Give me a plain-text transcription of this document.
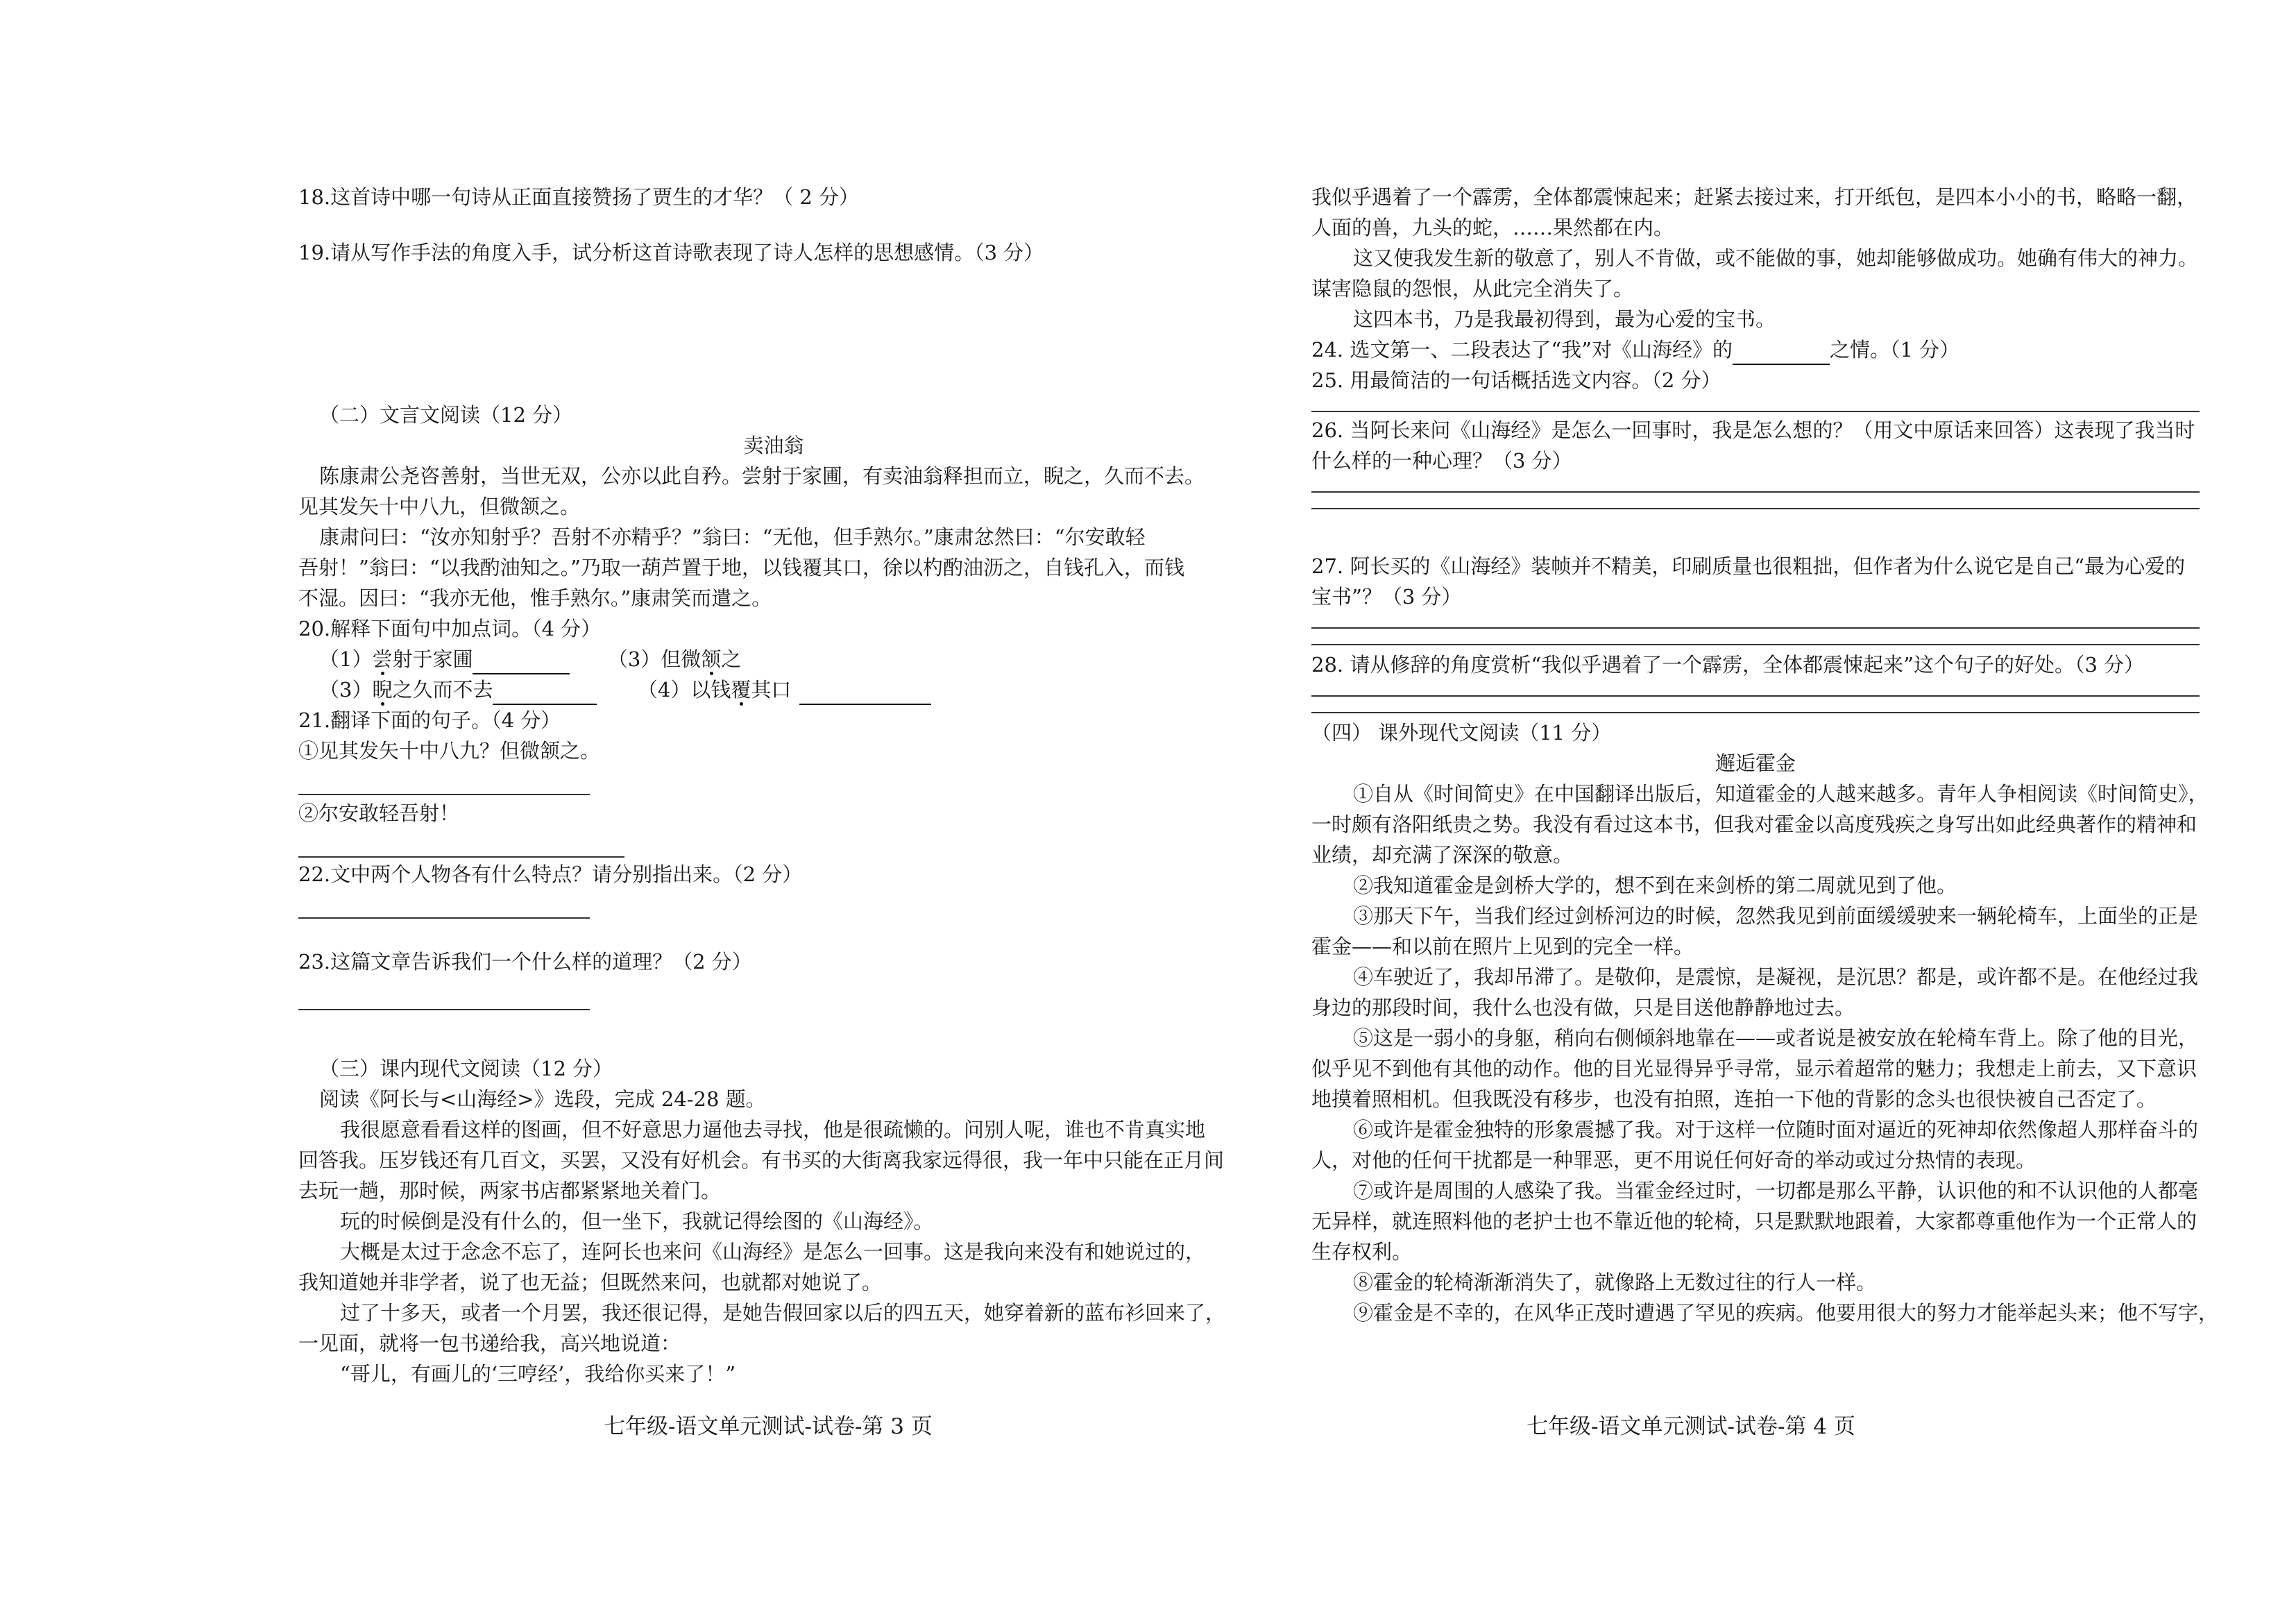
18.这首诗中哪一句诗从正面直接赞扬了贾生的才华？（ 2 分）
19.请从写作手法的角度入手，试分析这首诗歌表现了诗人怎样的思想感情。（3 分）
（二）文言文阅读（12 分）
卖油翁
陈康肃公尧咨善射，当世无双，公亦以此自矜。尝射于家圃，有卖油翁释担而立，睨之，久而不去。
见其发矢十中八九，但微颔之。
康肃问曰：“汝亦知射乎？吾射不亦精乎？”翁曰：“无他，但手熟尔。”康肃忿然曰：“尔安敢轻
吾射！”翁曰：“以我酌油知之。”乃取一葫芦置于地，以钱覆其口，徐以杓酌油沥之，自钱孔入，而钱
不湿。因曰：“我亦无他，惟手熟尔。”康肃笑而遣之。
20.解释下面句中加点词。（4 分）
（1）尝射于家圃	（3）但微颔之
（3）睨之久而不去	（4）以钱覆其口
21.翻译下面的句子。（4 分）
①见其发矢十中八九？但微颔之。
②尔安敢轻吾射！
22.文中两个人物各有什么特点？请分别指出来。（2 分）
23.这篇文章告诉我们一个什么样的道理？（2 分）
（三）课内现代文阅读（12 分）
阅读《阿长与<山海经>》选段，完成 24-28 题。
我很愿意看看这样的图画，但不好意思力逼他去寻找，他是很疏懒的。问别人呢，谁也不肯真实地
回答我。压岁钱还有几百文，买罢，又没有好机会。有书买的大街离我家远得很，我一年中只能在正月间
去玩一趟，那时候，两家书店都紧紧地关着门。
玩的时候倒是没有什么的，但一坐下，我就记得绘图的《山海经》。
大概是太过于念念不忘了，连阿长也来问《山海经》是怎么一回事。这是我向来没有和她说过的，
我知道她并非学者，说了也无益；但既然来问，也就都对她说了。
过了十多天，或者一个月罢，我还很记得，是她告假回家以后的四五天，她穿着新的蓝布衫回来了，
一见面，就将一包书递给我，高兴地说道：
“哥儿，有画儿的‘三哼经’，我给你买来了！”
我似乎遇着了一个霹雳，全体都震悚起来；赶紧去接过来，打开纸包，是四本小小的书，略略一翻，
人面的兽，九头的蛇，……果然都在内。
这又使我发生新的敬意了，别人不肯做，或不能做的事，她却能够做成功。她确有伟大的神力。
谋害隐鼠的怨恨，从此完全消失了。
这四本书，乃是我最初得到，最为心爱的宝书。
24. 选文第一、二段表达了“我”对《山海经》的	之情。（1 分）
25. 用最简洁的一句话概括选文内容。（2 分）
26. 当阿长来问《山海经》是怎么一回事时，我是怎么想的？（用文中原话来回答）这表现了我当时
什么样的一种心理？（3 分）
27. 阿长买的《山海经》装帧并不精美，印刷质量也很粗拙，但作者为什么说它是自己“最为心爱的
宝书”？（3 分）
28. 请从修辞的角度赏析“我似乎遇着了一个霹雳，全体都震悚起来”这个句子的好处。（3 分）
（四） 课外现代文阅读（11 分）
邂逅霍金
①自从《时间简史》在中国翻译出版后，知道霍金的人越来越多。青年人争相阅读《时间简史》，
一时颇有洛阳纸贵之势。我没有看过这本书，但我对霍金以高度残疾之身写出如此经典著作的精神和
业绩，却充满了深深的敬意。
②我知道霍金是剑桥大学的，想不到在来剑桥的第二周就见到了他。
③那天下午，当我们经过剑桥河边的时候，忽然我见到前面缓缓驶来一辆轮椅车，上面坐的正是
霍金——和以前在照片上见到的完全一样。
④车驶近了，我却吊滞了。是敬仰，是震惊，是凝视，是沉思？都是，或许都不是。在他经过我
身边的那段时间，我什么也没有做，只是目送他静静地过去。
⑤这是一弱小的身躯，稍向右侧倾斜地靠在——或者说是被安放在轮椅车背上。除了他的目光，
似乎见不到他有其他的动作。他的目光显得异乎寻常，显示着超常的魅力；我想走上前去，又下意识
地摸着照相机。但我既没有移步，也没有拍照，连拍一下他的背影的念头也很快被自己否定了。
⑥或许是霍金独特的形象震撼了我。对于这样一位随时面对逼近的死神却依然像超人那样奋斗的
人，对他的任何干扰都是一种罪恶，更不用说任何好奇的举动或过分热情的表现。
⑦或许是周围的人感染了我。当霍金经过时，一切都是那么平静，认识他的和不认识他的人都毫
无异样，就连照料他的老护士也不靠近他的轮椅，只是默默地跟着，大家都尊重他作为一个正常人的
生存权利。
⑧霍金的轮椅渐渐消失了，就像路上无数过往的行人一样。
⑨霍金是不幸的，在风华正茂时遭遇了罕见的疾病。他要用很大的努力才能举起头来；他不写字，
七年级-语文单元测试-试卷-第 3 页	七年级-语文单元测试-试卷-第 4 页
